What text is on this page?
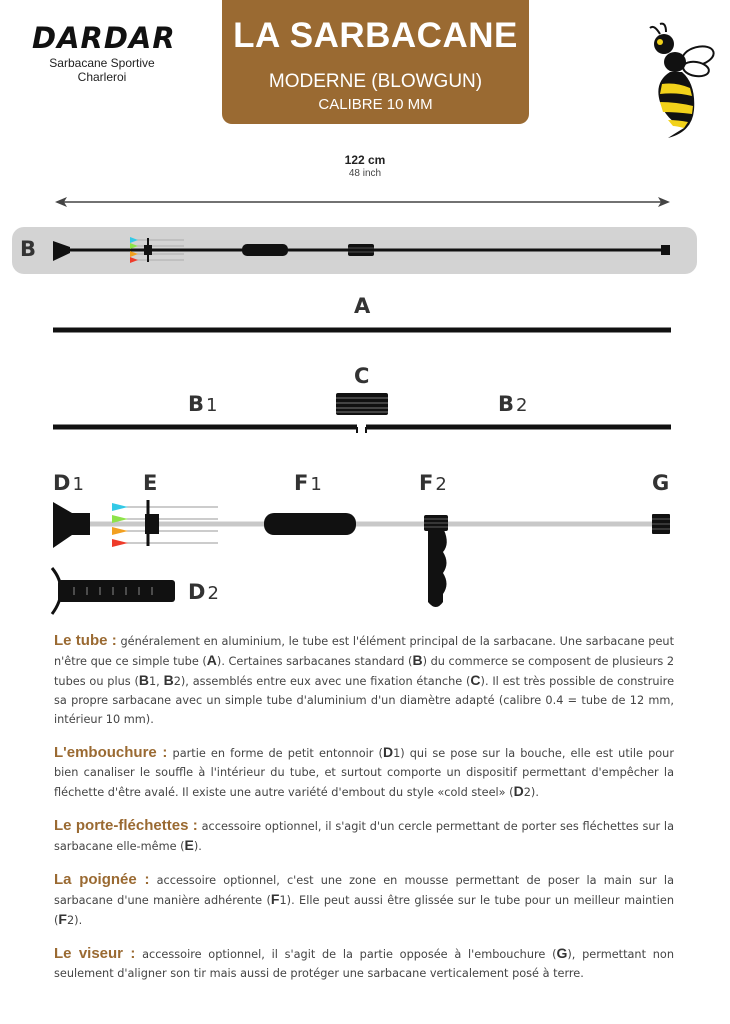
DARDAR
Sarbacane Sportive
Charleroi
LA SARBACANE
MODERNE (BLOWGUN)
CALIBRE 10 MM
122 cm
48 inch
B
A
C
B 1	B 2
D 1	E	F 1	F 2	G
D 2

Le tube : généralement en aluminium, le tube est l'élément principal de la sarbacane. Une sarbacane peut n'être que ce simple tube (A). Certaines sarbacanes standard (B) du commerce se composent de plusieurs 2 tubes ou plus (B1, B2), assemblés entre eux avec une fixation étanche (C). Il est très possible de construire sa propre sarbacane avec un simple tube d'aluminium d'un diamètre adapté (calibre 0.4 = tube de 12 mm, intérieur 10 mm).

L'embouchure : partie en forme de petit entonnoir (D1) qui se pose sur la bouche, elle est utile pour bien canaliser le souffle à l'intérieur du tube, et surtout comporte un dispositif permettant d'empêcher la fléchette d'être avalé. Il existe une autre variété d'embout du style «cold steel» (D2).

Le porte-fléchettes : accessoire optionnel, il s'agit d'un cercle permettant de porter ses fléchettes sur la sarbacane elle-même (E).

La poignée : accessoire optionnel, c'est une zone en mousse permettant de poser la main sur la sarbacane d'une manière adhérente (F1). Elle peut aussi être glissée sur le tube pour un meilleur maintien (F2).

Le viseur : accessoire optionnel, il s'agit de la partie opposée à l'embouchure (G), permettant non seulement d'aligner son tir mais aussi de protéger une sarbacane verticalement posé à terre.
